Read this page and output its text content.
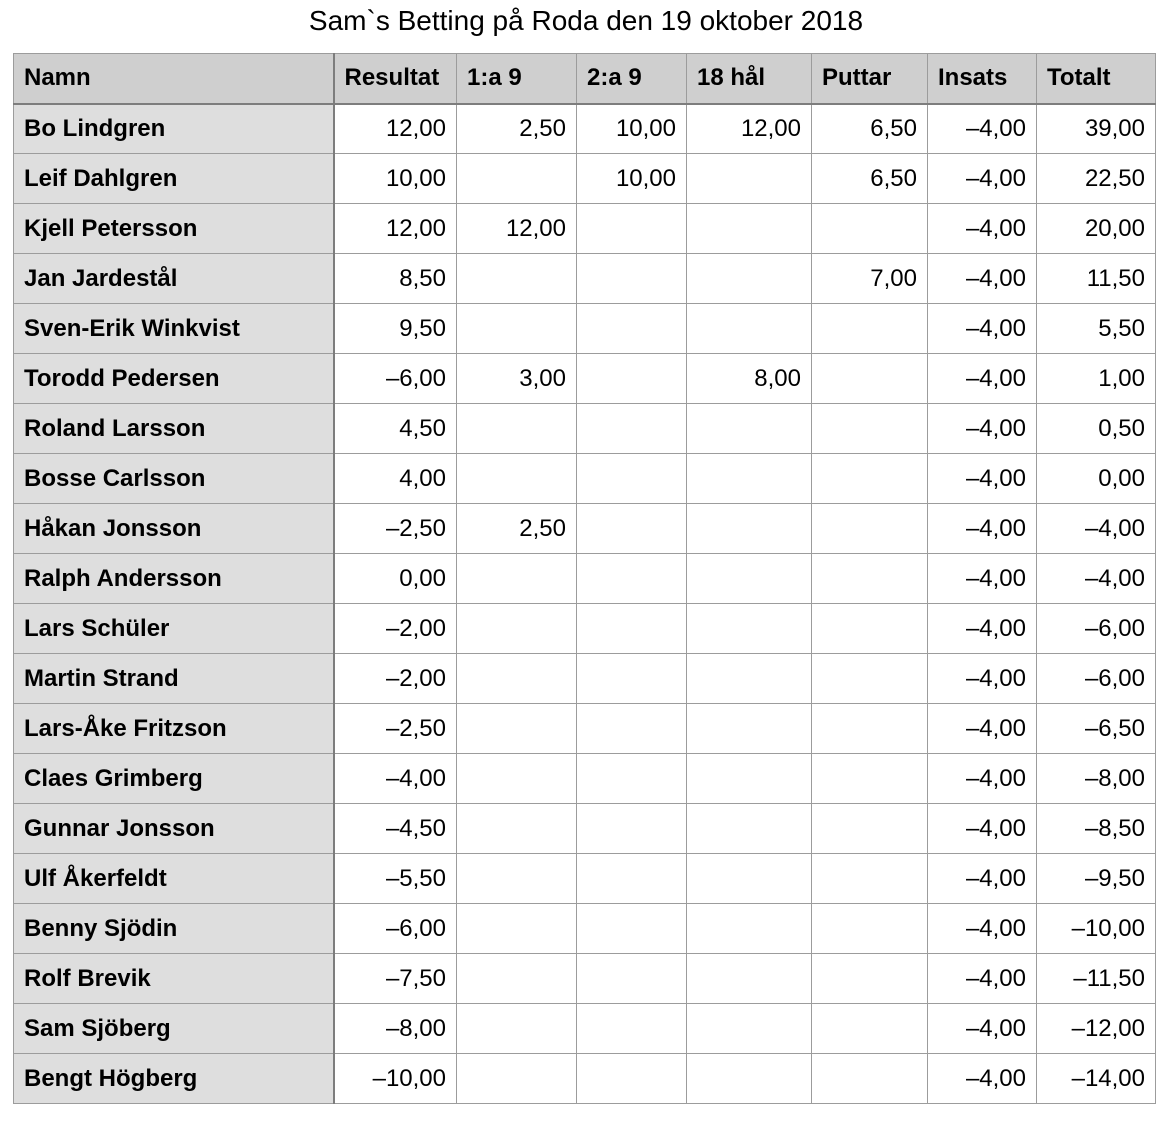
Sam`s Betting på Roda den 19 oktober 2018
Namn	Resultat	1:a 9	2:a 9	18 hål	Puttar	Insats	Totalt
Bo Lindgren	12,00	2,50	10,00	12,00	6,50	–4,00	39,00
Leif Dahlgren	10,00		10,00		6,50	–4,00	22,50
Kjell Petersson	12,00	12,00				–4,00	20,00
Jan Jardestål	8,50				7,00	–4,00	11,50
Sven-Erik Winkvist	9,50					–4,00	5,50
Torodd Pedersen	–6,00	3,00		8,00		–4,00	1,00
Roland Larsson	4,50					–4,00	0,50
Bosse Carlsson	4,00					–4,00	0,00
Håkan Jonsson	–2,50	2,50				–4,00	–4,00
Ralph Andersson	0,00					–4,00	–4,00
Lars Schüler	–2,00					–4,00	–6,00
Martin Strand	–2,00					–4,00	–6,00
Lars-Åke Fritzson	–2,50					–4,00	–6,50
Claes Grimberg	–4,00					–4,00	–8,00
Gunnar Jonsson	–4,50					–4,00	–8,50
Ulf Åkerfeldt	–5,50					–4,00	–9,50
Benny Sjödin	–6,00					–4,00	–10,00
Rolf Brevik	–7,50					–4,00	–11,50
Sam Sjöberg	–8,00					–4,00	–12,00
Bengt Högberg	–10,00					–4,00	–14,00
